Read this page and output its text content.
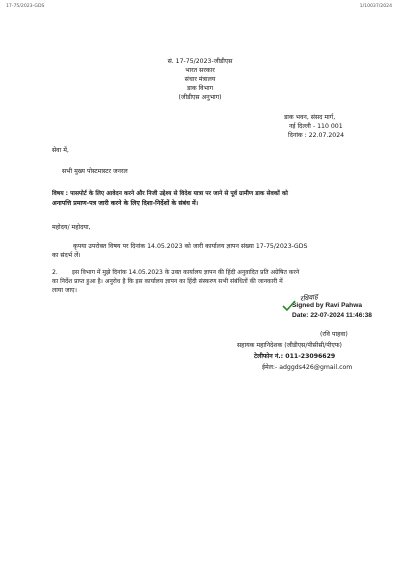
17-75/2023-GDS	1/10037/2024
सं. 17-75/2023-जीडीएस
भारत सरकार
संचार मंत्रालय
डाक विभाग
(जीडीएस अनुभाग)
डाक भवन, संसद मार्ग,
नई दिल्ली - 110 001
दिनांक : 22.07.2024
सेवा में,
सभी मुख्य पोस्टमास्टर जनरल
विषय : पासपोर्ट के लिए आवेदन करने और निजी उद्देश्य से विदेश यात्रा पर जाने से पूर्व ग्रामीण डाक सेवकों को
अनापत्ति प्रमाण-पत्र जारी करने के लिए दिशा-निर्देशों के संबंध में।
महोदय/ महोदया,
कृपया उपरोक्त विषय पर दिनांक 14.05.2023 को जारी कार्यालय ज्ञापन संख्या 17-75/2023-GDS
का संदर्भ लें।
2. इस विभाग में मुझे दिनांक 14.05.2023 के उक्त कार्यालय ज्ञापन की हिंदी अनुवादित प्रति अग्रेषित करने
का निर्देश प्राप्त हुआ है। अनुरोध है कि इस कार्यालय ज्ञापन का हिंदी संस्करण सभी संबंधितों की जानकारी में
लाया जाए।
रविवाह
Signed by Ravi Pahwa
Date: 22-07-2024 11:46:38
(रवि पाहवा)
सहायक महानिदेशक (जीडीएस/पीसीसी/पीएफ)
टेलीफोन नं.: 011-23096629
ईमेल:- adggds426@gmail.com
